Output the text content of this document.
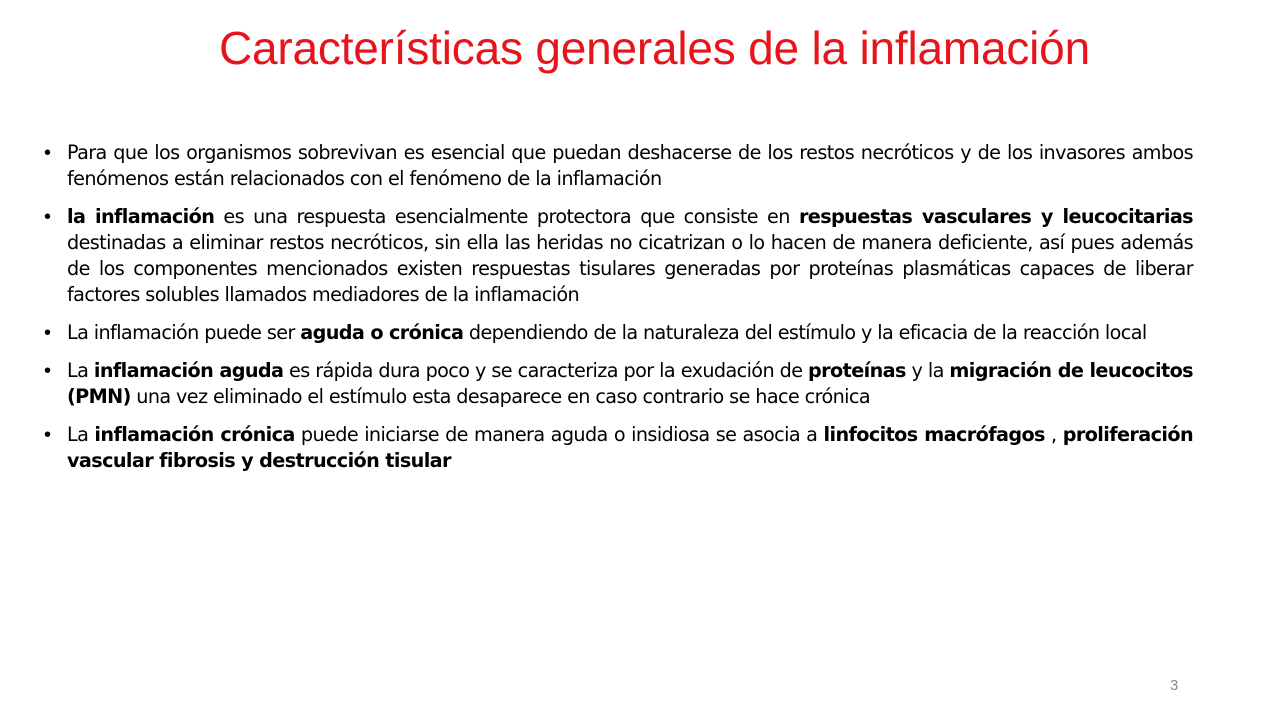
Características generales de la inflamación
• Para que los organismos sobrevivan es esencial que puedan deshacerse de los restos necróticos y de los invasores ambos fenómenos están relacionados con el fenómeno de la inflamación
• la inflamación es una respuesta esencialmente protectora que consiste en respuestas vasculares y leucocitarias destinadas a eliminar restos necróticos, sin ella las heridas no cicatrizan o lo hacen de manera deficiente, así pues además de los componentes mencionados existen respuestas tisulares generadas por proteínas plasmáticas capaces de liberar factores solubles llamados mediadores de la inflamación
• La inflamación puede ser aguda o crónica dependiendo de la naturaleza del estímulo y la eficacia de la reacción local
• La inflamación aguda es rápida dura poco y se caracteriza por la exudación de proteínas y la migración de leucocitos (PMN) una vez eliminado el estímulo esta desaparece en caso contrario se hace crónica
• La inflamación crónica puede iniciarse de manera aguda o insidiosa se asocia a linfocitos macrófagos , proliferación vascular fibrosis y destrucción tisular
3
